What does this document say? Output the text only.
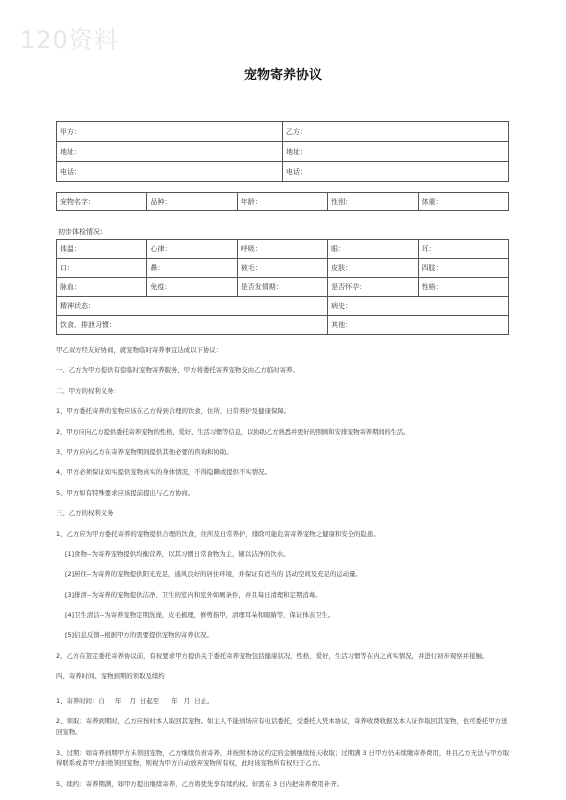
120资料
宠物寄养协议
甲方：	乙方：
地址：	地址：
电话：	电话：
宠物名字：	品种：	年龄：	性别：	体重：
初步体检情况：
体温：	心律：	呼吸：	眼：	耳：
口：	鼻：	被毛：	皮肤：	四肢：
脉血：	免疫：	是否发情期：	是否怀孕：	性格：
精神状态：			病史：	
饮食、排泄习惯：			其他：	

甲乙双方经友好协商，就宠物临时寄养事宜达成以下协议：

一、乙方为甲方提供有偿临时宠物寄养服务，甲方将委托寄养宠物交由乙方临时寄养。

二、甲方的权利义务：

1、甲方委托寄养的宠物应该在乙方得到合理的饮食，住所，日常养护及健康保障。

2、甲方应向乙方提供委托寄养宠物的性格、爱好、生活习惯等信息，以协助乙方熟悉并更好的照顾和安排宠物寄养期间的生活。

3、甲方应向乙方在寄养宠物期间提供其他必要的咨询和协助。

4、甲方必须保证如实提供宠物真实的身体情况，不得隐瞒或提供不实情况。

5、甲方如有特殊要求应该提前提出与乙方协商。

三、乙方的权利义务

1、乙方应为甲方委托寄养的宠物提供合理的饮食，住所及日常养护，排除可能危害寄养宠物之健康和安全的隐患。

[1]食物--为寄养宠物提供均衡营养，以其习惯日常食物为主，辅以洁净的饮水。

[2]居住--为寄养的宠物提供阳光充足，通风良好的居住环境，并保证有适当的 活动空间及充足的运动量。

[3]排泄--为寄养的宠物提供洁净、卫生的室内和室外如厕条件，并且每日清理和定期消毒。

[4]卫生清洁--为寄养宠物定期洗澡，皮毛梳理，修剪指甲，清理耳朵和眼睛等，保证体表卫生。

[5]信息反馈--根据甲方的需要提供宠物的寄养状况。

2、乙方在签定委托寄养协议前，有权要求甲方提供关于委托寄养宠物包括健康状况，性格，爱好，生活习惯等在内之真实情况，并进行初步观察并接触。

四、寄养时间、宠物到期的领取及续约

1、寄养时间：自     年    月  日起至      年   月  日止。

2、领取：寄养到期时，乙方应按时本人取回其宠物。如主人不能到场应有电话委托，受委托人凭本协议，寄养收费收据及本人证件取回其宠物，也可委托甲方送回宠物。

3、过期：如寄养到期甲方未领回宠物，乙方继续负责寄养，并按照本协议约定的金额继续按天收取；过期满 3 日甲方仍未续缴寄养费用，并且乙方无法与甲方取得联系或者甲方拒绝领回宠物，则视为甲方自动放弃宠物所有权，此时该宠物所有权归于乙方。

5、续约：寄养期满，如甲方提出继续寄养，乙方将优先享有续约权。但需在 3 日内把寄养费用补齐。
